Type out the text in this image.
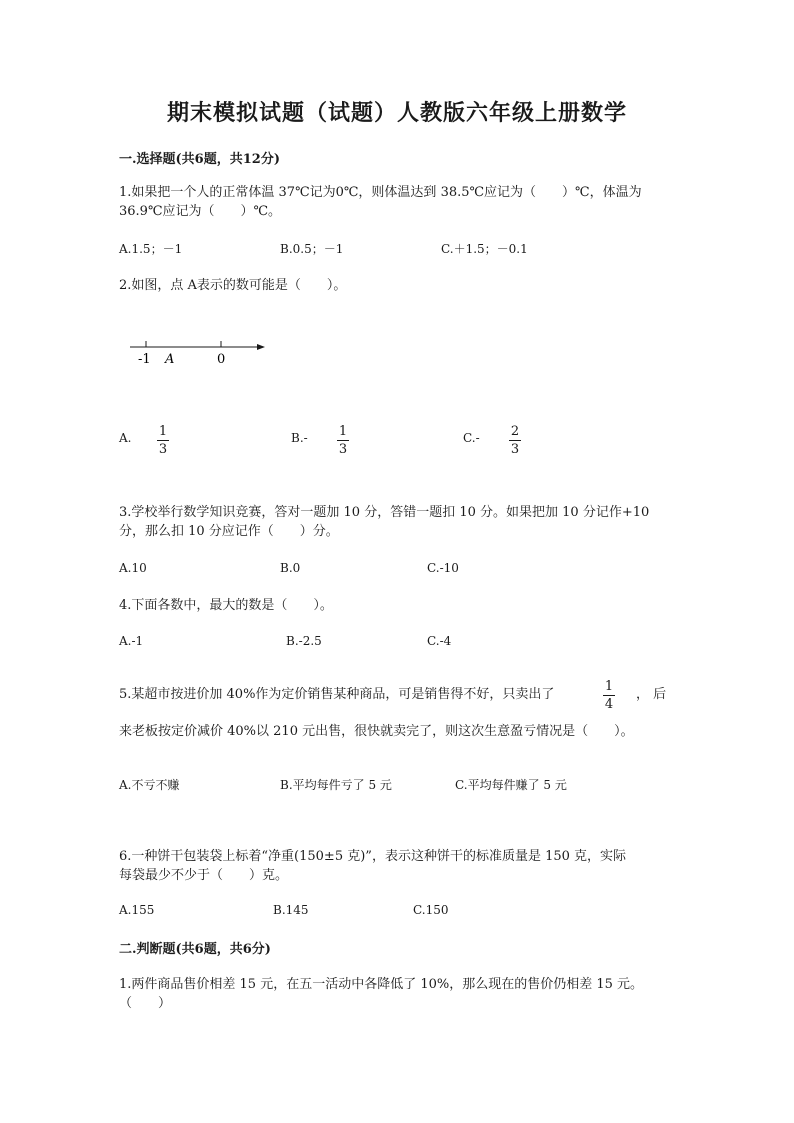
期末模拟试题（试题）人教版六年级上册数学
一.选择题(共6题，共12分)
1.如果把一个人的正常体温 37℃记为0℃，则体温达到 38.5℃应记为（　　）℃，体温为
36.9℃应记为（　　）℃。
A.1.5；－1	B.0.5；－1	C.＋1.5；－0.1
2.如图，点 A表示的数可能是（　　）。
-1 A	0
A. 1
3
B.- 1
3
C.- 2
3
3.学校举行数学知识竞赛，答对一题加 10 分，答错一题扣 10 分。如果把加 10 分记作+10
分，那么扣 10 分应记作（　　）分。
A.10	B.0	C.-10
4.下面各数中，最大的数是（　　）。
A.-1	B.-2.5	C.-4
5.某超市按进价加 40%作为定价销售某种商品，可是销售得不好，只卖出了
1
4
， 后
来老板按定价减价 40%以 210 元出售，很快就卖完了，则这次生意盈亏情况是（　　）。
A.不亏不赚	B.平均每件亏了 5 元	C.平均每件赚了 5 元
6.一种饼干包装袋上标着“净重(150±5 克)”，表示这种饼干的标准质量是 150 克，实际
每袋最少不少于（　　）克。
A.155	B.145	C.150
二.判断题(共6题，共6分)
1.两件商品售价相差 15 元，在五一活动中各降低了 10%，那么现在的售价仍相差 15 元。
（　　）
